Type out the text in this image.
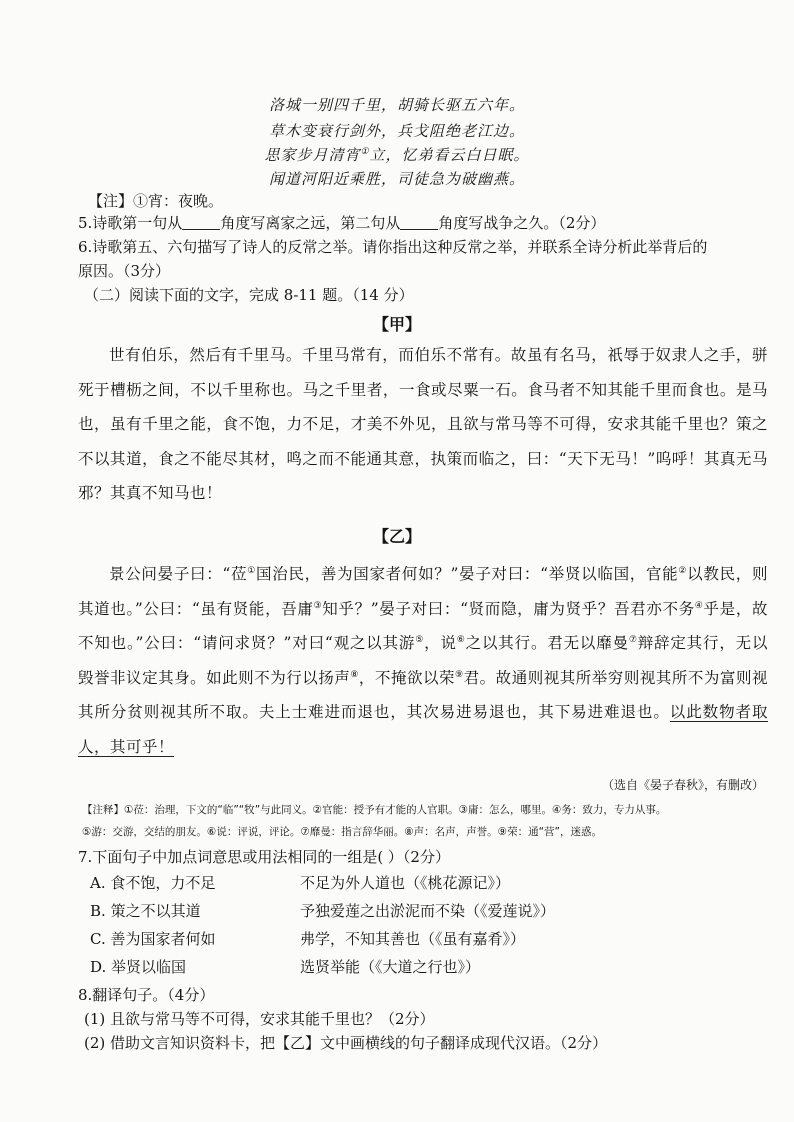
洛城一别四千里，胡骑长驱五六年。
草木变衰行剑外，兵戈阻绝老江边。
思家步月清宵①立，忆弟看云白日眠。
闻道河阳近乘胜，司徒急为破幽燕。
【注】①宵：夜晚。
5.诗歌第一句从	角度写离家之远，第二句从	角度写战争之久。（2分）
6.诗歌第五、六句描写了诗人的反常之举。请你指出这种反常之举，并联系全诗分析此举背后的
原因。（3分）
（二）阅读下面的文字，完成 8-11 题。（14 分）
【甲】
世有伯乐，然后有千里马。千里马常有，而伯乐不常有。故虽有名马，祇辱于奴隶人之手，骈死于槽枥之间，不以千里称也。马之千里者，一食或尽粟一石。食马者不知其能千里而食也。是马也，虽有千里之能，食不饱，力不足，才美不外见，且欲与常马等不可得，安求其能千里也？策之不以其道，食之不能尽其材，鸣之而不能通其意，执策而临之，曰：“天下无马！”呜呼！其真无马邪？其真不知马也！
【乙】
景公问晏子曰：“莅①国治民，善为国家者何如？”晏子对曰：“举贤以临国，官能②以教民，则其道也。”公曰：“虽有贤能，吾庸③知乎？”晏子对曰：“贤而隐，庸为贤乎？吾君亦不务④乎是，故不知也。”公曰：“请问求贤？”对曰“观之以其游⑤，说⑥之以其行。君无以靡曼⑦辩辞定其行，无以毁誉非议定其身。如此则不为行以扬声⑧，不掩欲以荣⑨君。故通则视其所举穷则视其所不为富则视其所分贫则视其所不取。夫上士难进而退也，其次易进易退也，其下易进难退也。以此数物者取人，其可乎！
（选自《晏子春秋》，有删改）
【注释】①莅：治理，下文的“临”“牧”与此同义。②官能：授予有才能的人官职。③庸：怎么，哪里。④务：致力，专力从事。
⑤游：交游，交结的朋友。⑥说：评说，评论。⑦靡曼：指言辞华丽。⑧声：名声，声誉。⑨荣：通“营”，迷惑。
7.下面句子中加点词意思或用法相同的一组是( ）（2分）
A. 食不饱，力不足	不足为外人道也（《桃花源记》）
B. 策之不以其道	予独爱莲之出淤泥而不染（《爱莲说》）
C. 善为国家者何如	弗学，不知其善也（《虽有嘉肴》）
D. 举贤以临国	选贤举能（《大道之行也》）
8.翻译句子。（4分）
(1) 且欲与常马等不可得，安求其能千里也？（2分）
(2) 借助文言知识资料卡，把【乙】文中画横线的句子翻译成现代汉语。（2分）
